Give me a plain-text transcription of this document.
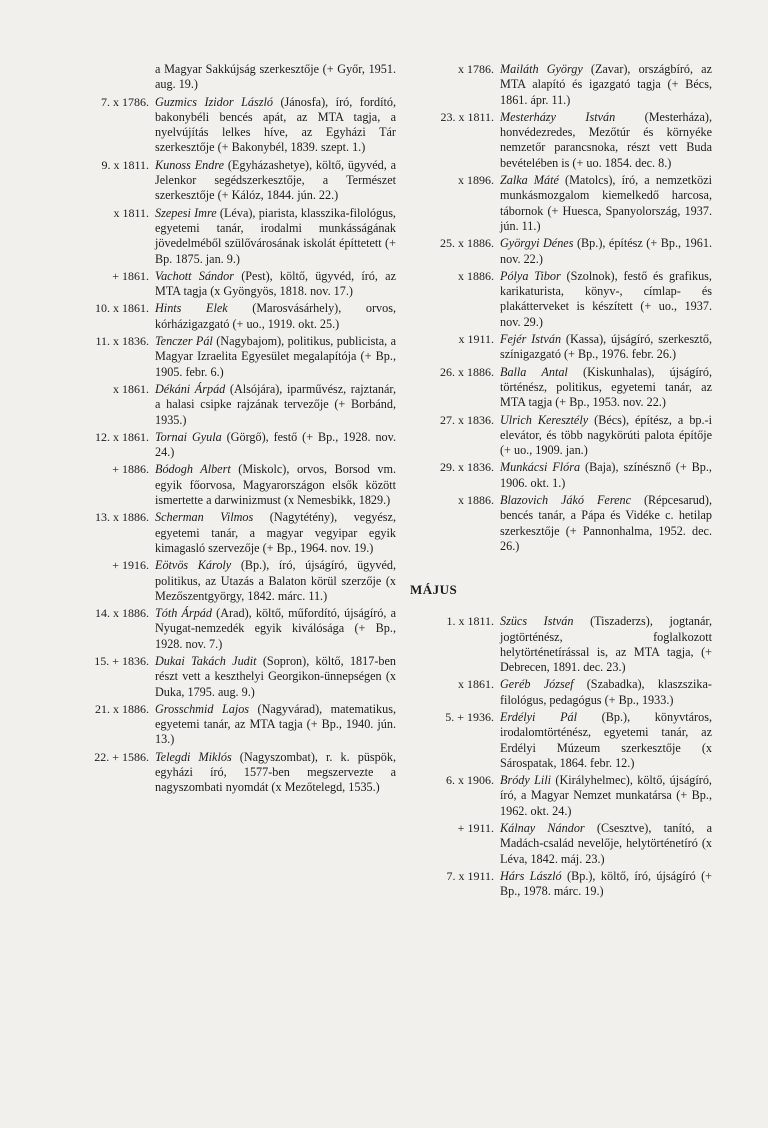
a Magyar Sakkújság szerkesztője (+ Győr, 1951. aug. 19.)
7. x 1786. Guzmics Izidor László (Jánosfa), író, fordító, bakonybéli bencés apát, az MTA tagja, a nyelvújítás lelkes híve, az Egyházi Tár szerkesztője (+ Bakonybél, 1839. szept. 1.)
9. x 1811. Kunoss Endre (Egyházashetye), költő, ügyvéd, a Jelenkor segédszerkesztője, a Természet szerkesztője (+ Kálóz, 1844. jún. 22.)
x 1811. Szepesi Imre (Léva), piarista, klasszika-filológus, egyetemi tanár, irodalmi munkásságának jövedelméből szülővárosának iskolát építtetett (+ Bp. 1875. jan. 9.)
+ 1861. Vachott Sándor (Pest), költő, ügyvéd, író, az MTA tagja (x Gyöngyös, 1818. nov. 17.)
10. x 1861. Hints Elek (Marosvásárhely), orvos, kórházigazgató (+ uo., 1919. okt. 25.)
11. x 1836. Tenczer Pál (Nagybajom), politikus, publicista, a Magyar Izraelita Egyesület megalapítója (+ Bp., 1905. febr. 6.)
x 1861. Dékáni Árpád (Alsójára), iparművész, rajztanár, a halasi csipke rajzának tervezője (+ Borbánd, 1935.)
12. x 1861. Tornai Gyula (Görgő), festő (+ Bp., 1928. nov. 24.)
+ 1886. Bódogh Albert (Miskolc), orvos, Borsod vm. egyik főorvosa, Magyarországon elsők között ismertette a darwinizmust (x Nemesbikk, 1829.)
13. x 1886. Scherman Vilmos (Nagytétény), vegyész, egyetemi tanár, a magyar vegyipar egyik kimagasló szervezője (+ Bp., 1964. nov. 19.)
+ 1916. Eötvös Károly (Bp.), író, újságíró, ügyvéd, politikus, az Utazás a Balaton körül szerzője (x Mezőszentgyörgy, 1842. márc. 11.)
14. x 1886. Tóth Árpád (Arad), költő, műfordító, újságíró, a Nyugat-nemzedék egyik kiválósága (+ Bp., 1928. nov. 7.)
15. + 1836. Dukai Takách Judit (Sopron), költő, 1817-ben részt vett a keszthelyi Georgikon-ünnepségen (x Duka, 1795. aug. 9.)
21. x 1886. Grosschmid Lajos (Nagyvárad), matematikus, egyetemi tanár, az MTA tagja (+ Bp., 1940. jún. 13.)
22. + 1586. Telegdi Miklós (Nagyszombat), r. k. püspök, egyházi író, 1577-ben megszervezte a nagyszombati nyomdát (x Mezőtelegd, 1535.)
x 1786. Mailáth György (Zavar), országbíró, az MTA alapító és igazgató tagja (+ Bécs, 1861. ápr. 11.)
23. x 1811. Mesterházy István (Mesterháza), honvédezredes, Mezőtúr és környéke nemzetőr parancsnoka, részt vett Buda bevételében is (+ uo. 1854. dec. 8.)
x 1896. Zalka Máté (Matolcs), író, a nemzetközi munkásmozgalom kiemelkedő harcosa, tábornok (+ Huesca, Spanyolország, 1937. jún. 11.)
25. x 1886. Györgyi Dénes (Bp.), építész (+ Bp., 1961. nov. 22.)
x 1886. Pólya Tibor (Szolnok), festő és grafikus, karikaturista, könyv-, címlap- és plakátterveket is készített (+ uo., 1937. nov. 29.)
x 1911. Fejér István (Kassa), újságíró, szerkesztő, színigazgató (+ Bp., 1976. febr. 26.)
26. x 1886. Balla Antal (Kiskunhalas), újságíró, történész, politikus, egyetemi tanár, az MTA tagja (+ Bp., 1953. nov. 22.)
27. x 1836. Ulrich Keresztély (Bécs), építész, a bp.-i elevátor, és több nagykörúti palota építője (+ uo., 1909. jan.)
29. x 1836. Munkácsi Flóra (Baja), színésznő (+ Bp., 1906. okt. 1.)
x 1886. Blazovich Jákó Ferenc (Répcesarud), bencés tanár, a Pápa és Vidéke c. hetilap szerkesztője (+ Pannonhalma, 1952. dec. 26.)
MÁJUS
1. x 1811. Szücs István (Tiszaderzs), jogtanár, jogtörténész, foglalkozott helytörténetírással is, az MTA tagja, (+ Debrecen, 1891. dec. 23.)
x 1861. Geréb József (Szabadka), klaszszika-filológus, pedagógus (+ Bp., 1933.)
5. + 1936. Erdélyi Pál (Bp.), könyvtáros, irodalomtörténész, egyetemi tanár, az Erdélyi Múzeum szerkesztője (x Sárospatak, 1864. febr. 12.)
6. x 1906. Bródy Lili (Királyhelmec), költő, újságíró, író, a Magyar Nemzet munkatársa (+ Bp., 1962. okt. 24.)
+ 1911. Kálnay Nándor (Csesztve), tanító, a Madách-család nevelője, helytörténetíró (x Léva, 1842. máj. 23.)
7. x 1911. Hárs László (Bp.), költő, író, újságíró (+ Bp., 1978. márc. 19.)
